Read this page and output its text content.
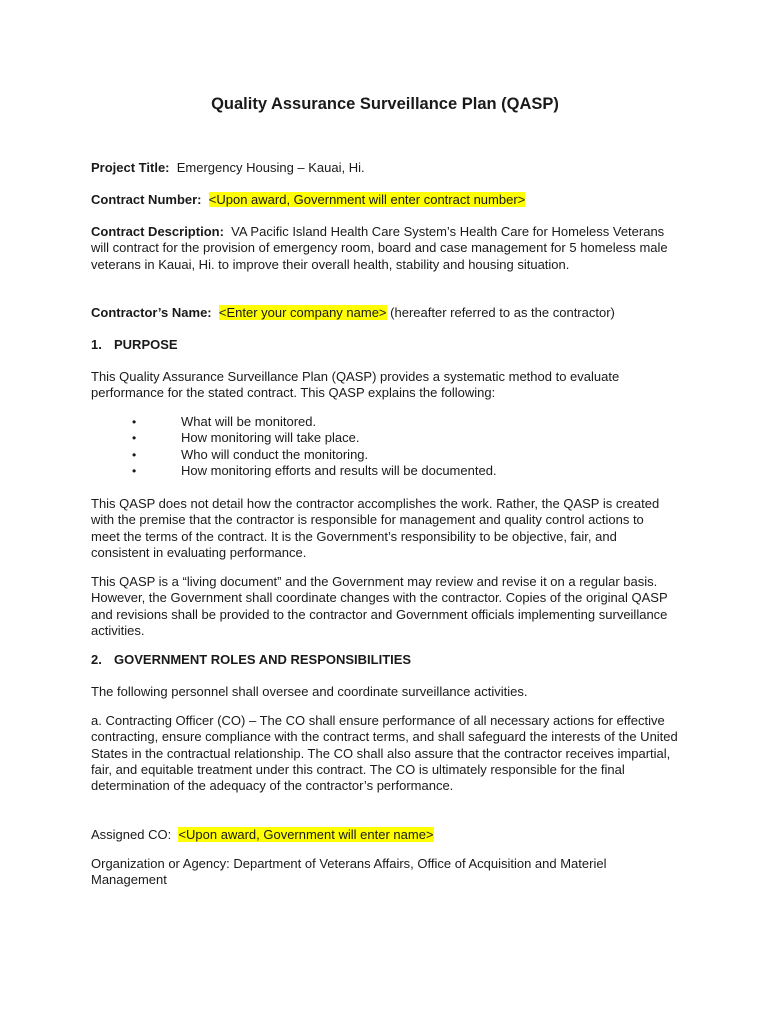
Quality Assurance Surveillance Plan (QASP)
Project Title: Emergency Housing – Kauai, Hi.
Contract Number: <Upon award, Government will enter contract number>
Contract Description: VA Pacific Island Health Care System’s Health Care for Homeless Veterans will contract for the provision of emergency room, board and case management for 5 homeless male veterans in Kauai, Hi. to improve their overall health, stability and housing situation.
Contractor’s Name: <Enter your company name> (hereafter referred to as the contractor)
1. PURPOSE
This Quality Assurance Surveillance Plan (QASP) provides a systematic method to evaluate performance for the stated contract. This QASP explains the following:
•	What will be monitored.
•	How monitoring will take place.
•	Who will conduct the monitoring.
•	How monitoring efforts and results will be documented.
This QASP does not detail how the contractor accomplishes the work. Rather, the QASP is created with the premise that the contractor is responsible for management and quality control actions to meet the terms of the contract. It is the Government’s responsibility to be objective, fair, and consistent in evaluating performance.
This QASP is a “living document” and the Government may review and revise it on a regular basis. However, the Government shall coordinate changes with the contractor. Copies of the original QASP and revisions shall be provided to the contractor and Government officials implementing surveillance activities.
2. GOVERNMENT ROLES AND RESPONSIBILITIES
The following personnel shall oversee and coordinate surveillance activities.
a. Contracting Officer (CO) – The CO shall ensure performance of all necessary actions for effective contracting, ensure compliance with the contract terms, and shall safeguard the interests of the United States in the contractual relationship. The CO shall also assure that the contractor receives impartial, fair, and equitable treatment under this contract. The CO is ultimately responsible for the final determination of the adequacy of the contractor’s performance.
Assigned CO: <Upon award, Government will enter name>
Organization or Agency: Department of Veterans Affairs, Office of Acquisition and Materiel Management
